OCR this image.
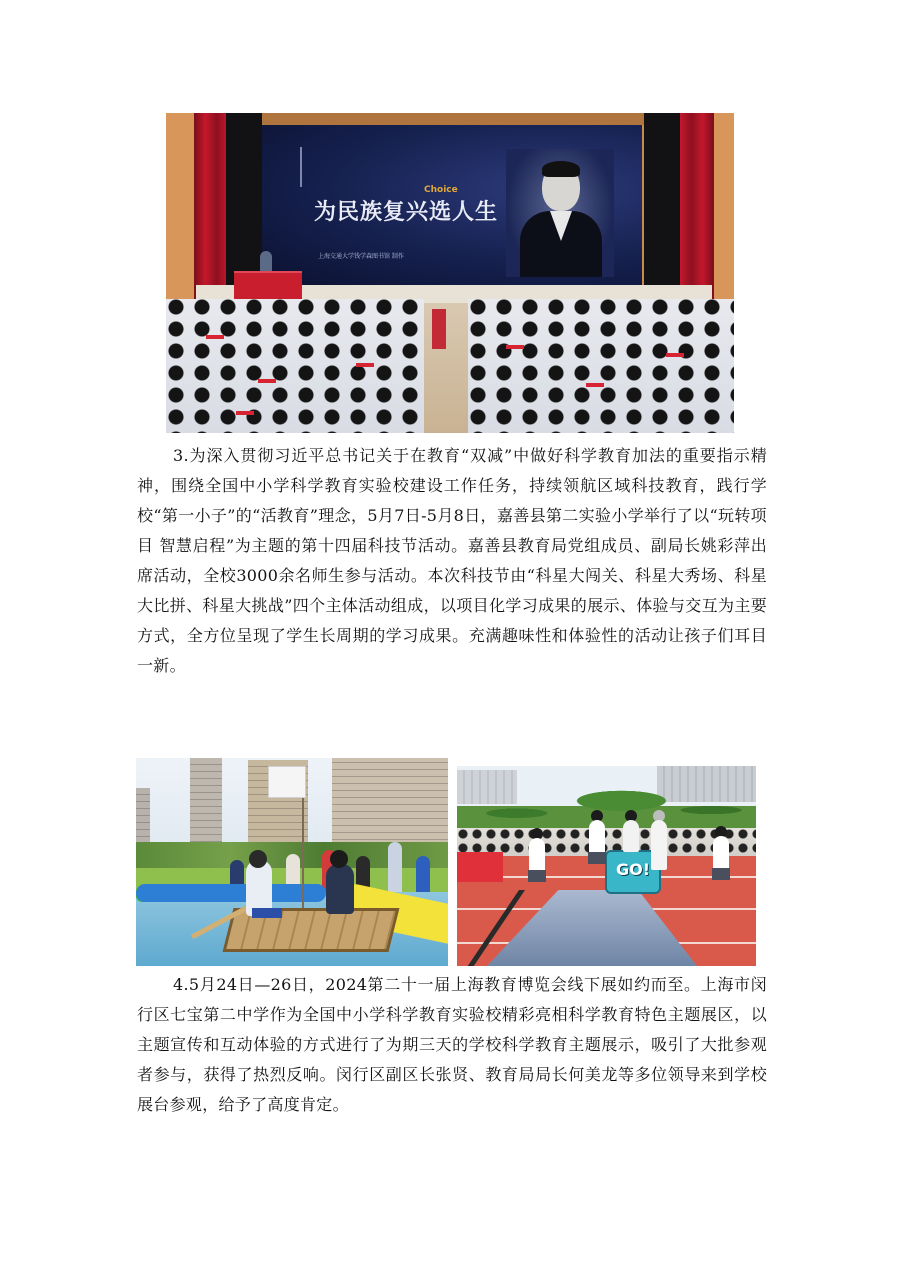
Choice
为民族复兴选人生
上海交通大学钱学森图书馆 制作
3.为深入贯彻习近平总书记关于在教育“双减”中做好科学教育加法的重要指示精神，围绕全国中小学科学教育实验校建设工作任务，持续领航区域科技教育，践行学校“第一小子”的“活教育”理念，5月7日-5月8日，嘉善县第二实验小学举行了以“玩转项目 智慧启程”为主题的第十四届科技节活动。嘉善县教育局党组成员、副局长姚彩萍出席活动，全校3000余名师生参与活动。本次科技节由“科星大闯关、科星大秀场、科星大比拼、科星大挑战”四个主体活动组成，以项目化学习成果的展示、体验与交互为主要方式，全方位呈现了学生长周期的学习成果。充满趣味性和体验性的活动让孩子们耳目一新。
GO!
4.5月24日—26日，2024第二十一届上海教育博览会线下展如约而至。上海市闵行区七宝第二中学作为全国中小学科学教育实验校精彩亮相科学教育特色主题展区，以主题宣传和互动体验的方式进行了为期三天的学校科学教育主题展示，吸引了大批参观者参与，获得了热烈反响。闵行区副区长张贤、教育局局长何美龙等多位领导来到学校展台参观，给予了高度肯定。
